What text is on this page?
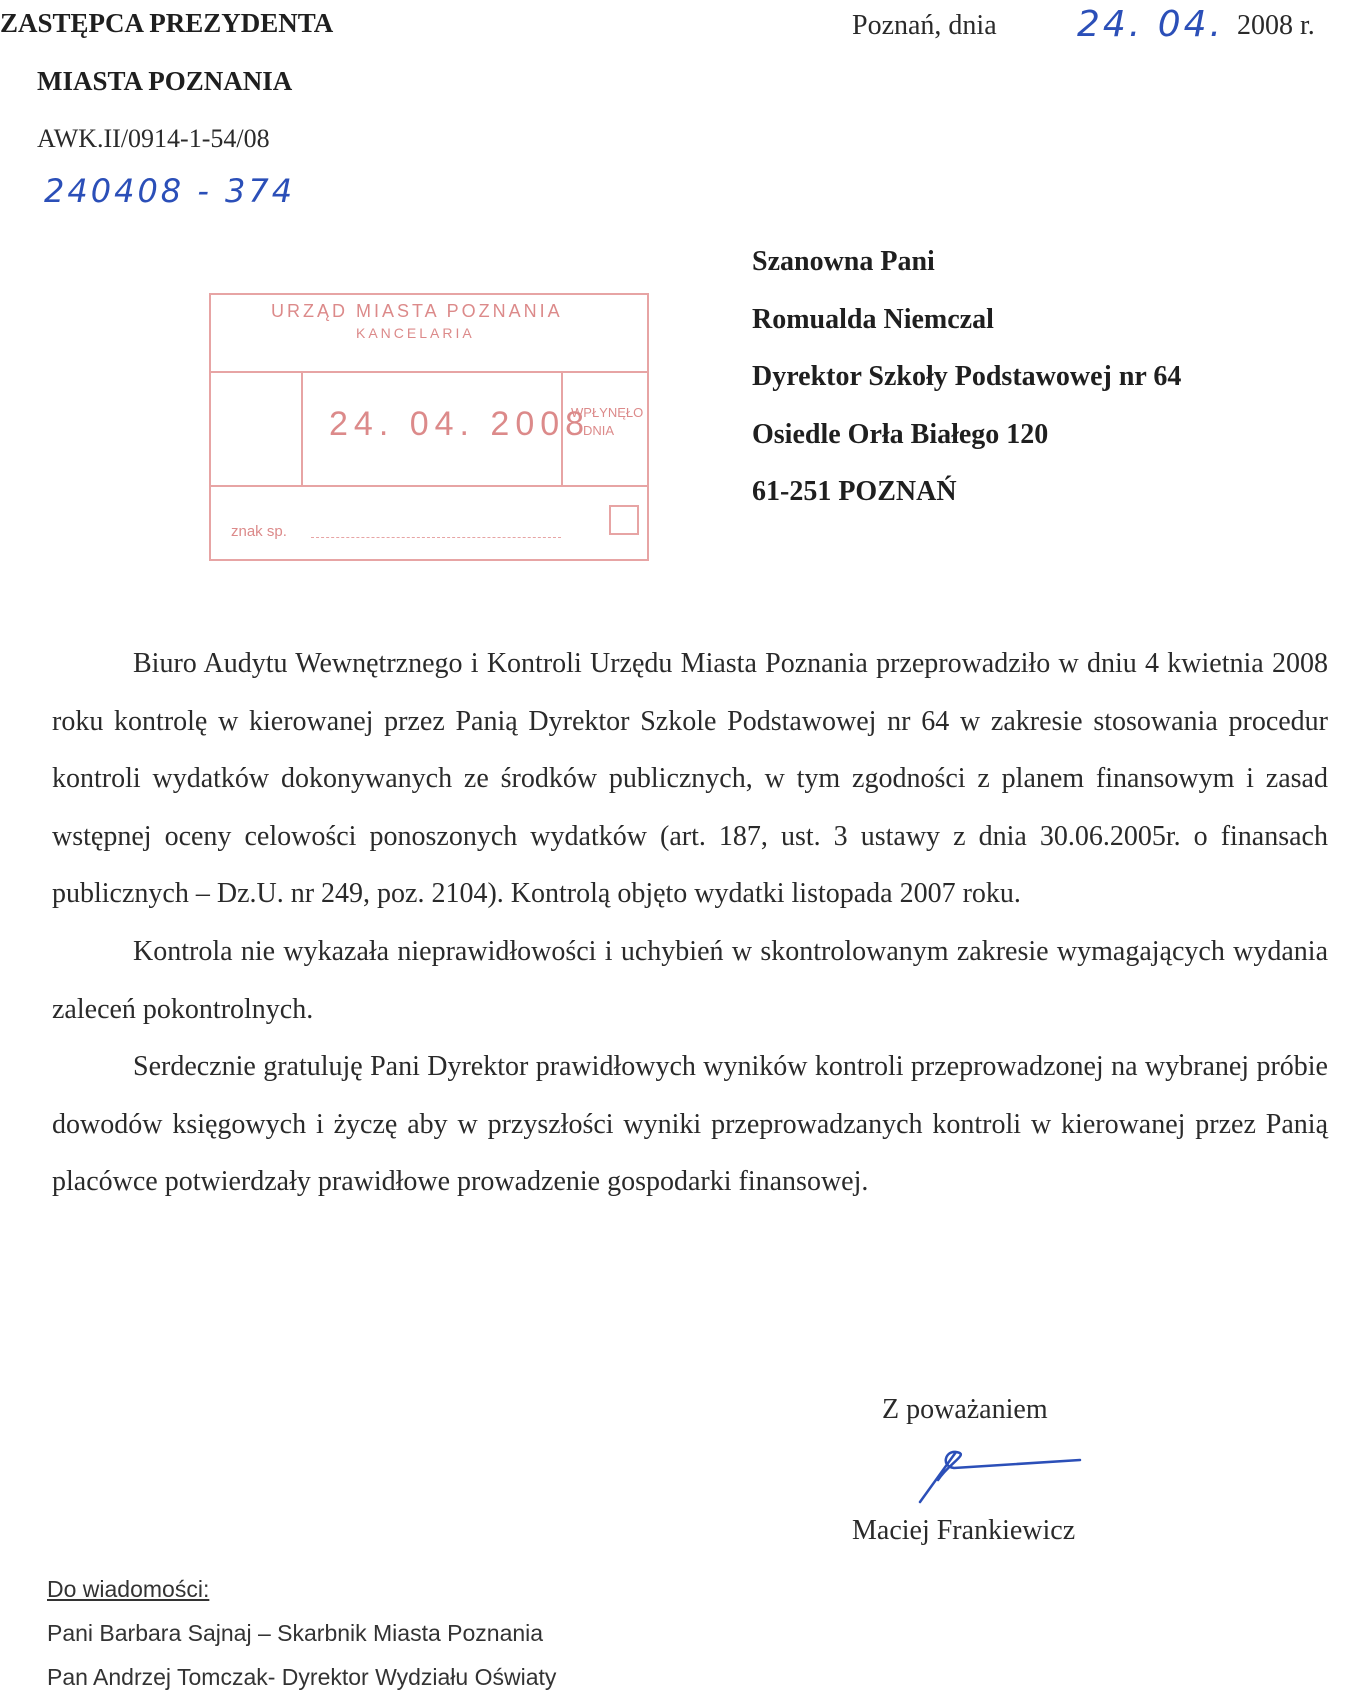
ZASTĘPCA PREZYDENTA
MIASTA POZNANIA
AWK.II/0914-1-54/08
240408 - 374
Poznań, dnia 24. 04. 2008 r.
URZĄD MIASTA POZNANIA
KANCELARIA
24. 04. 2008
WPŁYNĘŁO
DNIA
znak sp.
Szanowna Pani
Romualda Niemczal
Dyrektor Szkoły Podstawowej nr 64
Osiedle Orła Białego 120
61-251 POZNAŃ

Biuro Audytu Wewnętrznego i Kontroli Urzędu Miasta Poznania przeprowadziło w dniu 4 kwietnia 2008 roku kontrolę w kierowanej przez Panią Dyrektor Szkole Podstawowej nr 64 w zakresie stosowania procedur kontroli wydatków dokonywanych ze środków publicznych, w tym zgodności z planem finansowym i zasad wstępnej oceny celowości ponoszonych wydatków (art. 187, ust. 3 ustawy z dnia 30.06.2005r. o finansach publicznych – Dz.U. nr 249, poz. 2104). Kontrolą objęto wydatki listopada 2007 roku.

Kontrola nie wykazała nieprawidłowości i uchybień w skontrolowanym zakresie wymagających wydania zaleceń pokontrolnych.

Serdecznie gratuluję Pani Dyrektor prawidłowych wyników kontroli przeprowadzonej na wybranej próbie dowodów księgowych i życzę aby w przyszłości wyniki przeprowadzanych kontroli w kierowanej przez Panią placówce potwierdzały prawidłowe prowadzenie gospodarki finansowej.

Z poważaniem
Maciej Frankiewicz
Do wiadomości:
Pani Barbara Sajnaj – Skarbnik Miasta Poznania
Pan Andrzej Tomczak- Dyrektor Wydziału Oświaty
